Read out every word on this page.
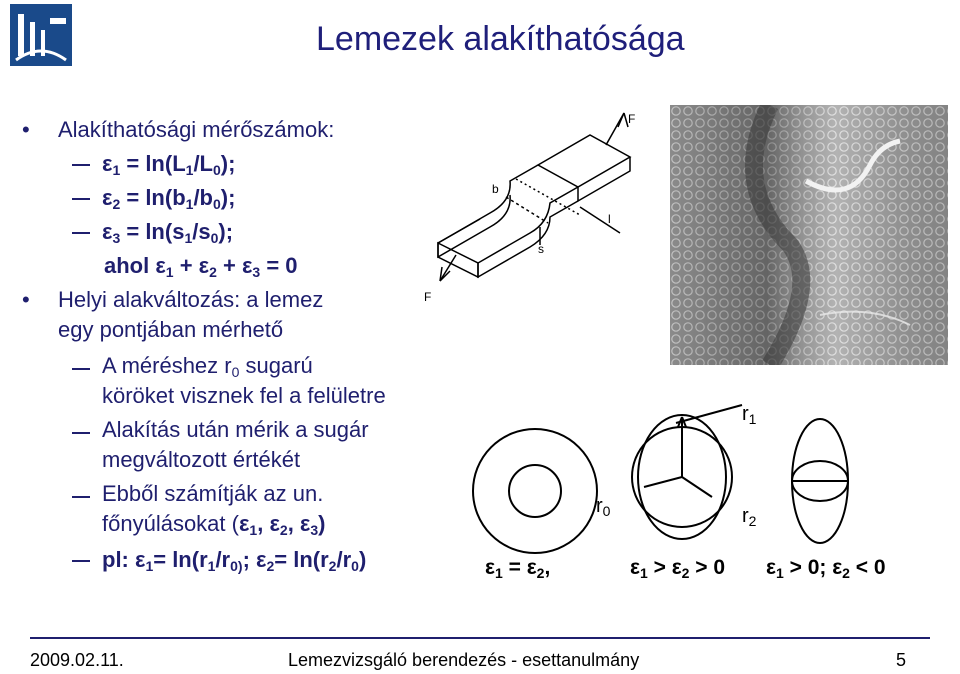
Lemezek alakíthatósága
•	Alakíthatósági mérőszámok:
$\varepsilon_1 = \ln(L_1/L_0)$;
$\varepsilon_2 = \ln(b_1/b_0)$;
$\varepsilon_3 = \ln(s_1/s_0)$;
ahol $\varepsilon_1 + \varepsilon_2 + \varepsilon_3 = 0$
•	Helyi alakváltozás: a lemez
egy pontjában mérhető
A méréshez $r_0$ sugarú
köröket visznek fel a felületre
Alakítás után mérik a sugár
megváltozott értékét
Ebből számítják az un.
főnyúlásokat ($\varepsilon_1$, $\varepsilon_2$, $\varepsilon_3$)
pl: $\varepsilon_1= \ln(r_1/r_{0)}$; $\varepsilon_2= \ln(r_2/r_0)$
F
F
b
s
l
$r_0$
$r_1$
$r_2$
$\varepsilon_1 = \varepsilon_2$,	$\varepsilon_1 > \varepsilon_2 > 0$ $\varepsilon_1 > 0$; $\varepsilon_2 < 0$
2009.02.11.	Lemezvizsgáló berendezés - esettanulmány	5
